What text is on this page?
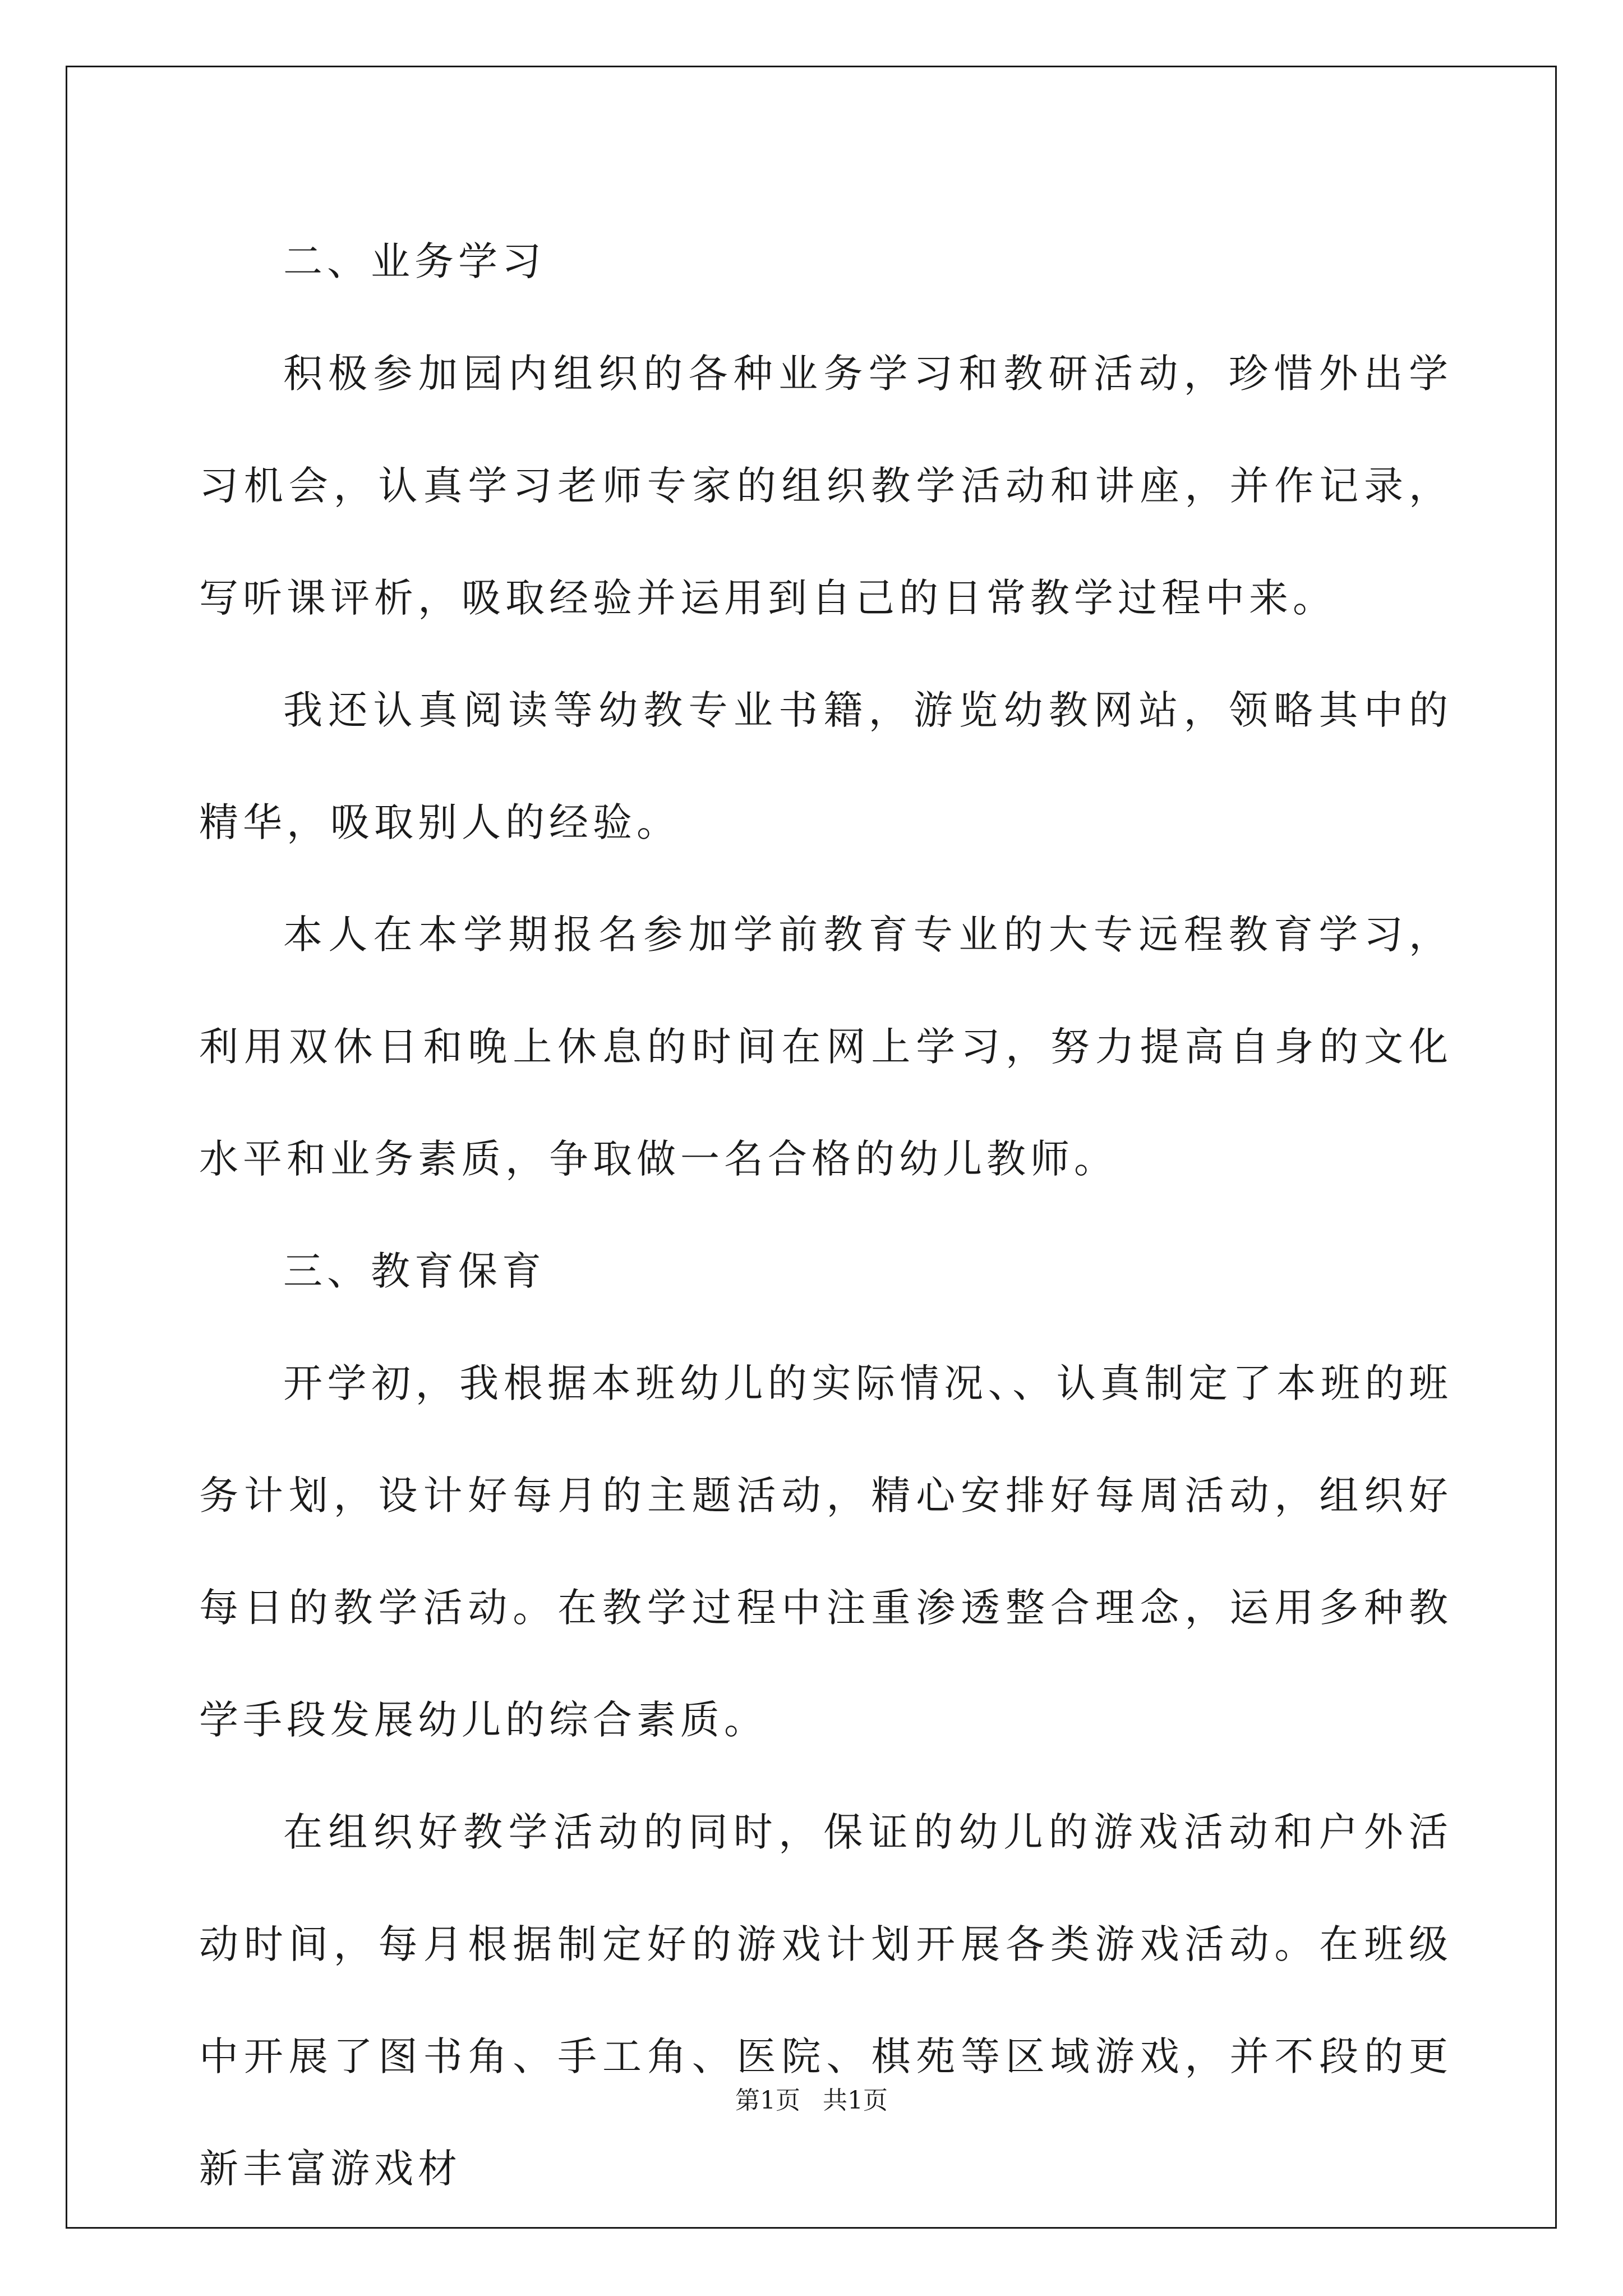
二、业务学习

积极参加园内组织的各种业务学习和教研活动，珍惜外出学习机会，认真学习老师专家的组织教学活动和讲座，并作记录，写听课评析，吸取经验并运用到自己的日常教学过程中来。

我还认真阅读等幼教专业书籍，游览幼教网站，领略其中的精华，吸取别人的经验。

本人在本学期报名参加学前教育专业的大专远程教育学习，利用双休日和晚上休息的时间在网上学习，努力提高自身的文化水平和业务素质，争取做一名合格的幼儿教师。

三、教育保育

开学初，我根据本班幼儿的实际情况、、认真制定了本班的班务计划，设计好每月的主题活动，精心安排好每周活动，组织好每日的教学活动。在教学过程中注重渗透整合理念，运用多种教学手段发展幼儿的综合素质。

在组织好教学活动的同时，保证的幼儿的游戏活动和户外活动时间，每月根据制定好的游戏计划开展各类游戏活动。在班级中开展了图书角、手工角、医院、棋苑等区域游戏，并不段的更新丰富游戏材

第1页 共1页
